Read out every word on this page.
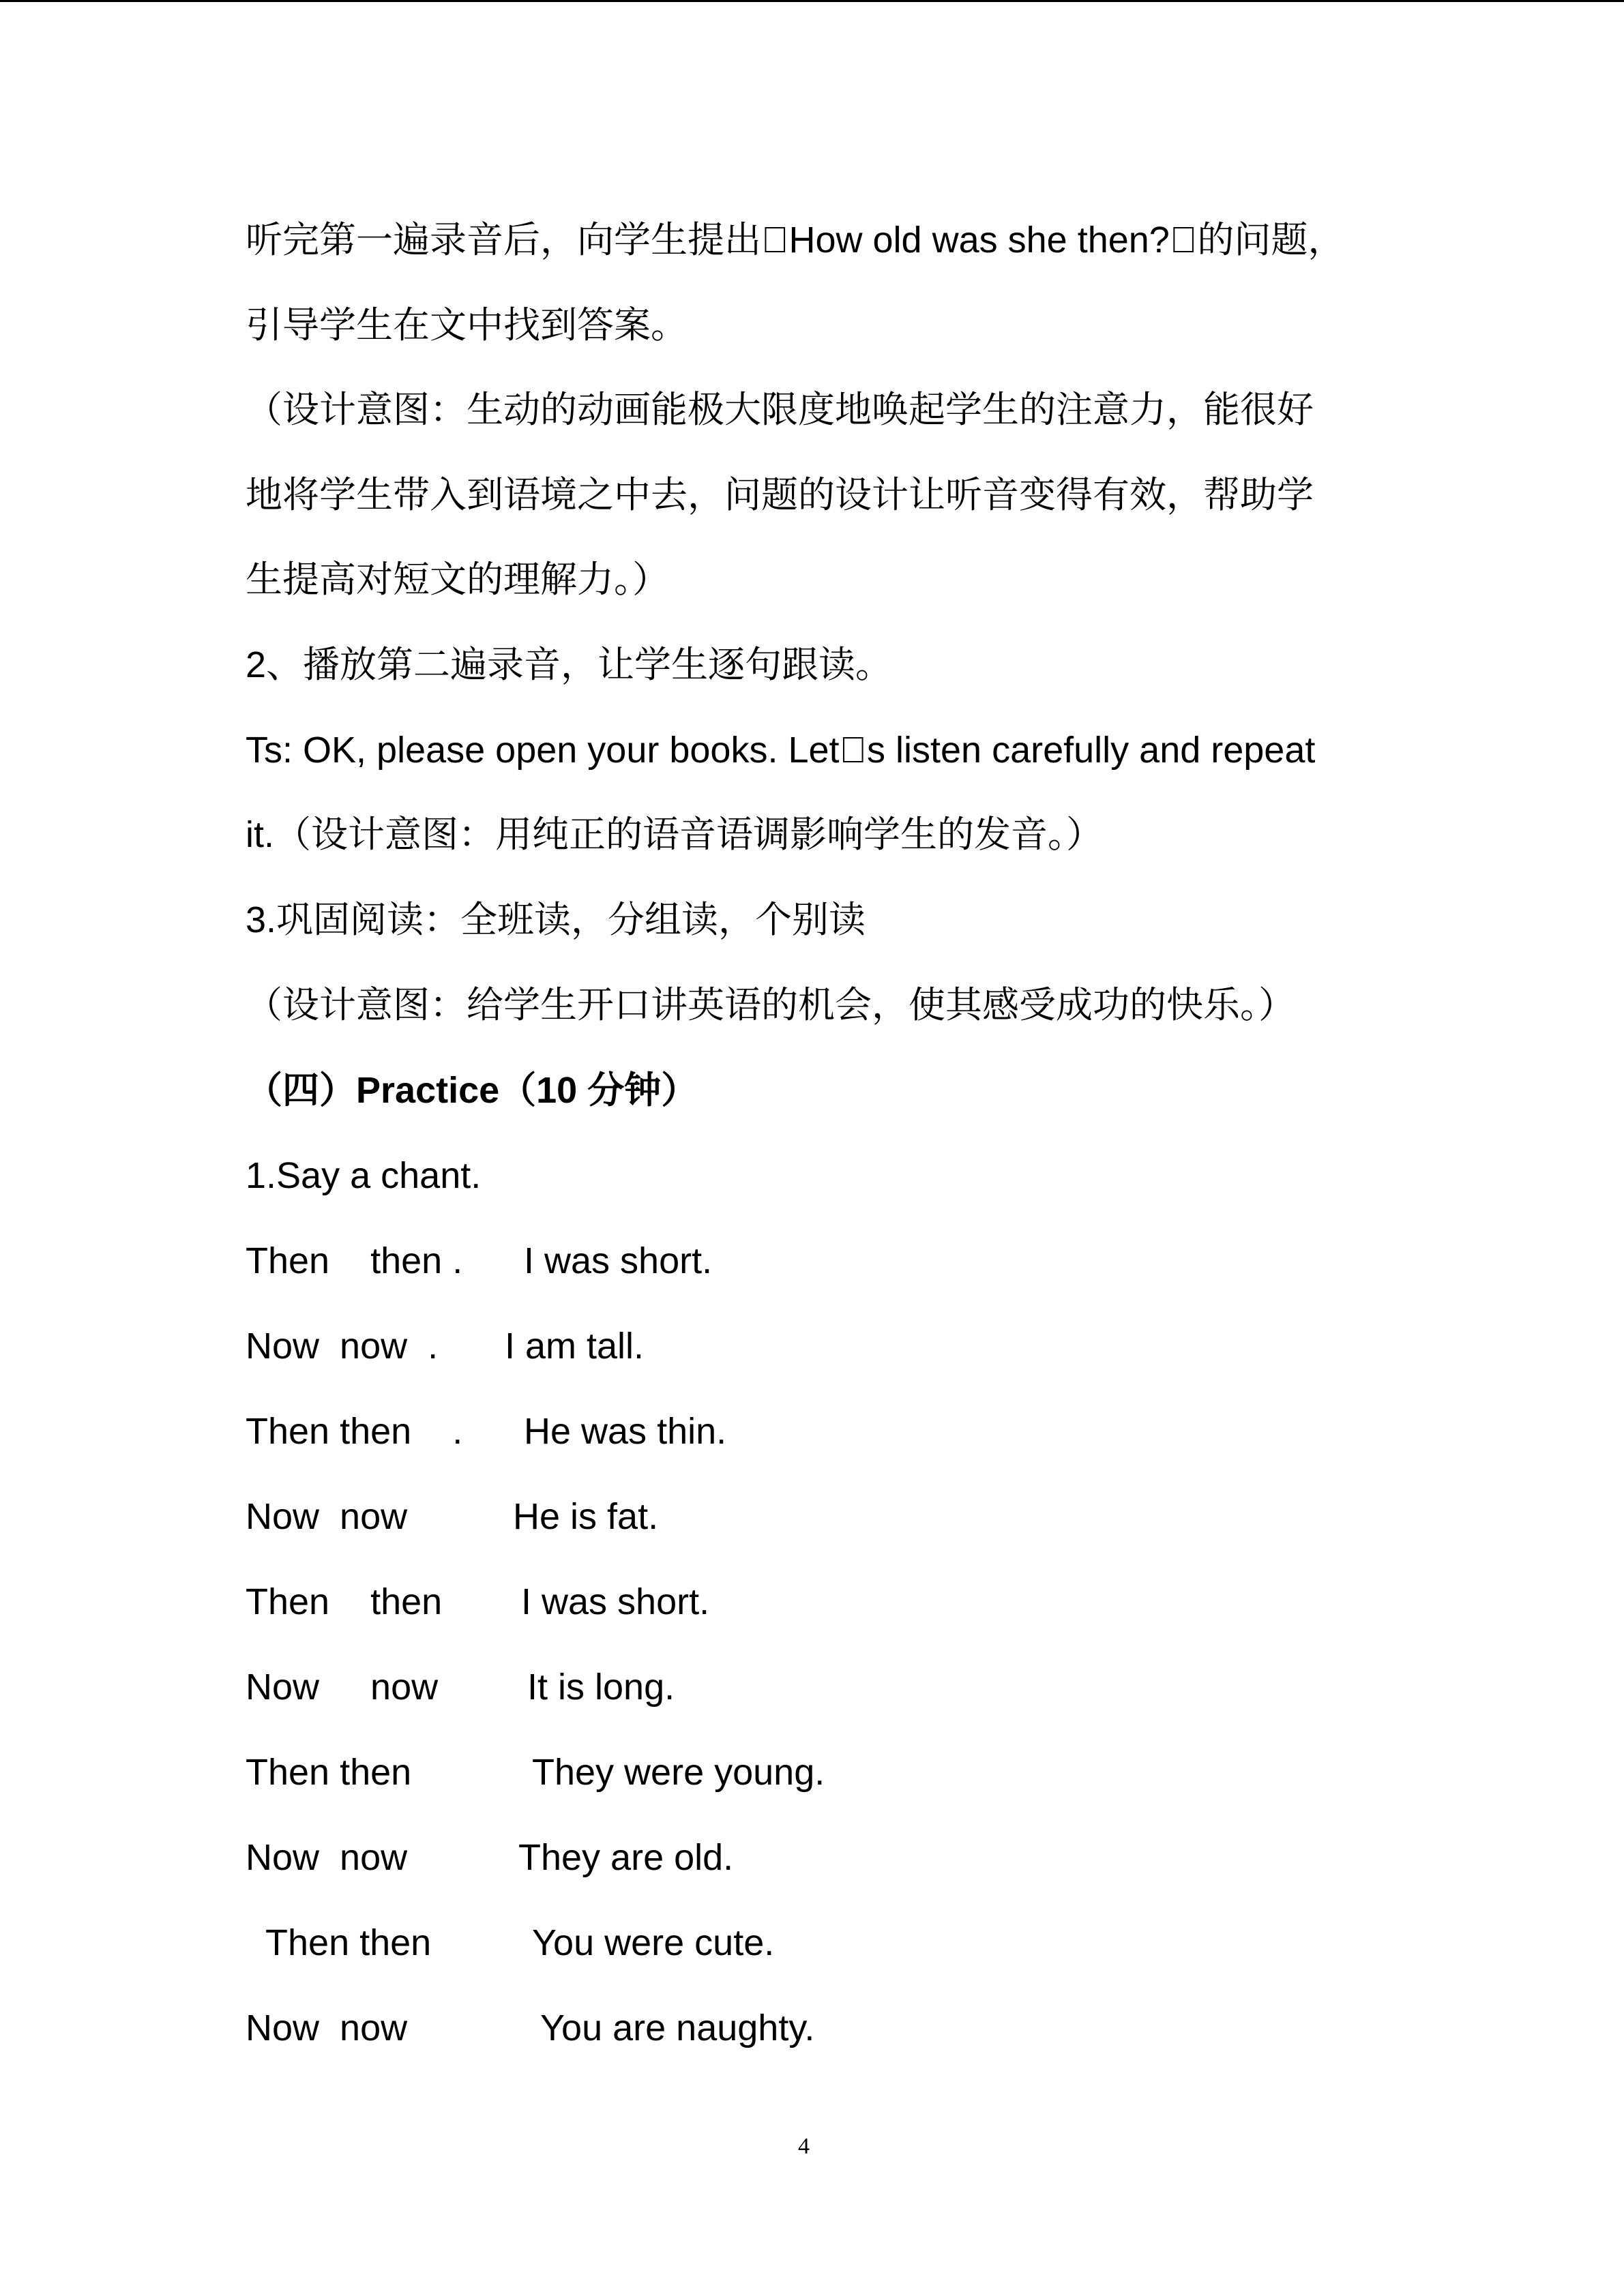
听完第一遍录音后，向学生提出 How old was she then? 的问题，
引导学生在文中找到答案。
（设计意图：生动的动画能极大限度地唤起学生的注意力，能很好
地将学生带入到语境之中去，问题的设计让听音变得有效，帮助学
生提高对短文的理解力。）
2、播放第二遍录音，让学生逐句跟读。
Ts: OK, please open your books. Let s listen carefully and repeat
it.（设计意图：用纯正的语音语调影响学生的发音。）
3.巩固阅读：全班读，分组读，个别读
（设计意图：给学生开口讲英语的机会，使其感受成功的快乐。）
（四）Practice（10 分钟）
1.Say a chant.

Then    then .

I was short.

Now  now  .

I am tall.

Then then    .

He was thin.

Now  now

	He is fat.

Then    then

I was short.

Now     now

It is long.

Then then

	They were young.

Now  now

	They are old.

Then then

	You were cute.

Now  now

	You are naughty.

4
